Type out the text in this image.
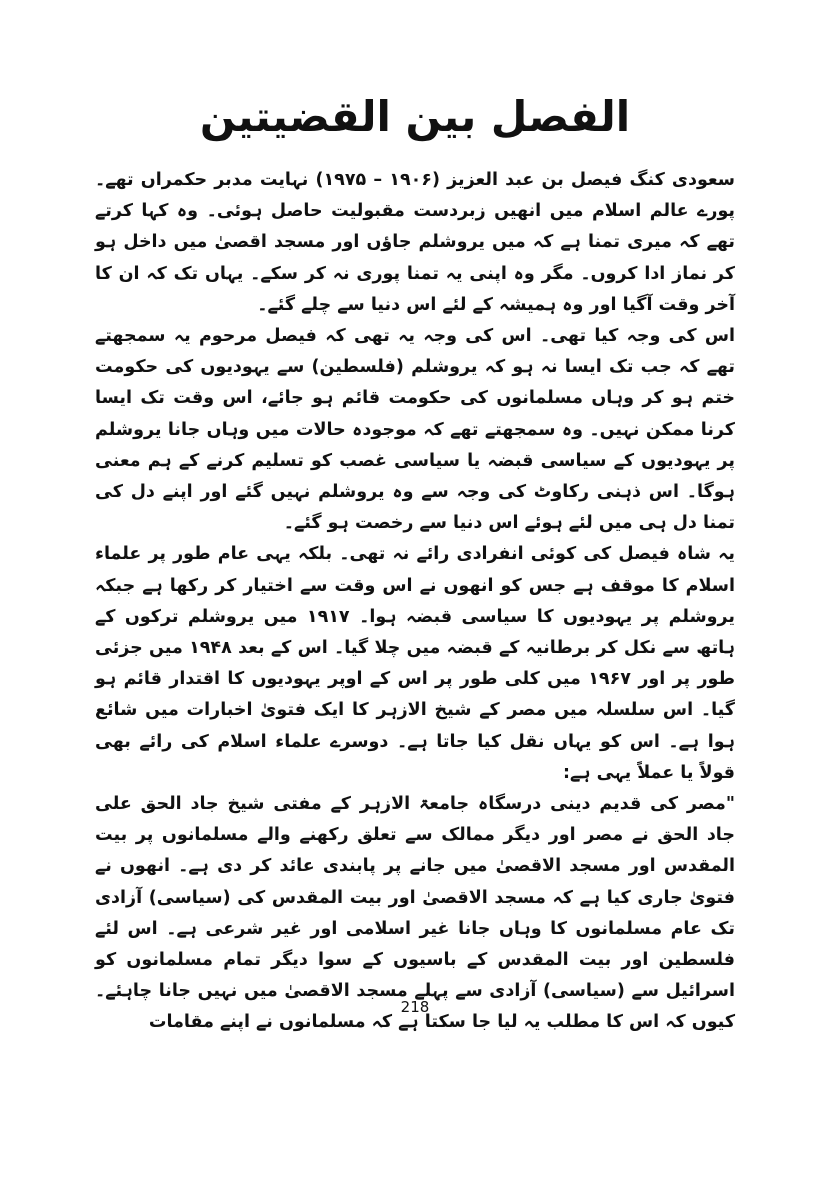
الفصل بين القضيتين

سعودی کنگ فیصل بن عبد العزیز (۱۹۰۶ – ۱۹۷۵) نہایت مدبر حکمراں تھے۔ پورے عالم اسلام میں انھیں زبردست مقبولیت حاصل ہوئی۔ وہ کہا کرتے تھے کہ میری تمنا ہے کہ میں یروشلم جاؤں اور مسجد اقصیٰ میں داخل ہو کر نماز ادا کروں۔ مگر وہ اپنی یہ تمنا پوری نہ کر سکے۔ یہاں تک کہ ان کا آخر وقت آگیا اور وہ ہمیشہ کے لئے اس دنیا سے چلے گئے۔

اس کی وجہ کیا تھی۔ اس کی وجہ یہ تھی کہ فیصل مرحوم یہ سمجھتے تھے کہ جب تک ایسا نہ ہو کہ یروشلم (فلسطین) سے یہودیوں کی حکومت ختم ہو کر وہاں مسلمانوں کی حکومت قائم ہو جائے، اس وقت تک ایسا کرنا ممکن نہیں۔ وہ سمجھتے تھے کہ موجودہ حالات میں وہاں جانا یروشلم پر یہودیوں کے سیاسی قبضہ یا سیاسی غصب کو تسلیم کرنے کے ہم معنی ہوگا۔ اس ذہنی رکاوٹ کی وجہ سے وہ یروشلم نہیں گئے اور اپنے دل کی تمنا دل ہی میں لئے ہوئے اس دنیا سے رخصت ہو گئے۔

یہ شاہ فیصل کی کوئی انفرادی رائے نہ تھی۔ بلکہ یہی عام طور پر علماء اسلام کا موقف ہے جس کو انھوں نے اس وقت سے اختیار کر رکھا ہے جبکہ یروشلم پر یہودیوں کا سیاسی قبضہ ہوا۔ ۱۹۱۷ میں یروشلم ترکوں کے ہاتھ سے نکل کر برطانیہ کے قبضہ میں چلا گیا۔ اس کے بعد ۱۹۴۸ میں جزئی طور پر اور ۱۹۶۷ میں کلی طور پر اس کے اوپر یہودیوں کا اقتدار قائم ہو گیا۔ اس سلسلہ میں مصر کے شیخ الازہر کا ایک فتویٰ اخبارات میں شائع ہوا ہے۔ اس کو یہاں نقل کیا جاتا ہے۔ دوسرے علماء اسلام کی رائے بھی قولاً یا عملاً یہی ہے:

"مصر کی قدیم دینی درسگاہ جامعۃ الازہر کے مفتی شیخ جاد الحق علی جاد الحق نے مصر اور دیگر ممالک سے تعلق رکھنے والے مسلمانوں پر بیت المقدس اور مسجد الاقصیٰ میں جانے پر پابندی عائد کر دی ہے۔ انھوں نے فتویٰ جاری کیا ہے کہ مسجد الاقصیٰ اور بیت المقدس کی (سیاسی) آزادی تک عام مسلمانوں کا وہاں جانا غیر اسلامی اور غیر شرعی ہے۔ اس لئے فلسطین اور بیت المقدس کے باسیوں کے سوا دیگر تمام مسلمانوں کو اسرائیل سے (سیاسی) آزادی سے پہلے مسجد الاقصیٰ میں نہیں جانا چاہئے۔ کیوں کہ اس کا مطلب یہ لیا جا سکتا ہے کہ مسلمانوں نے اپنے مقامات

218
